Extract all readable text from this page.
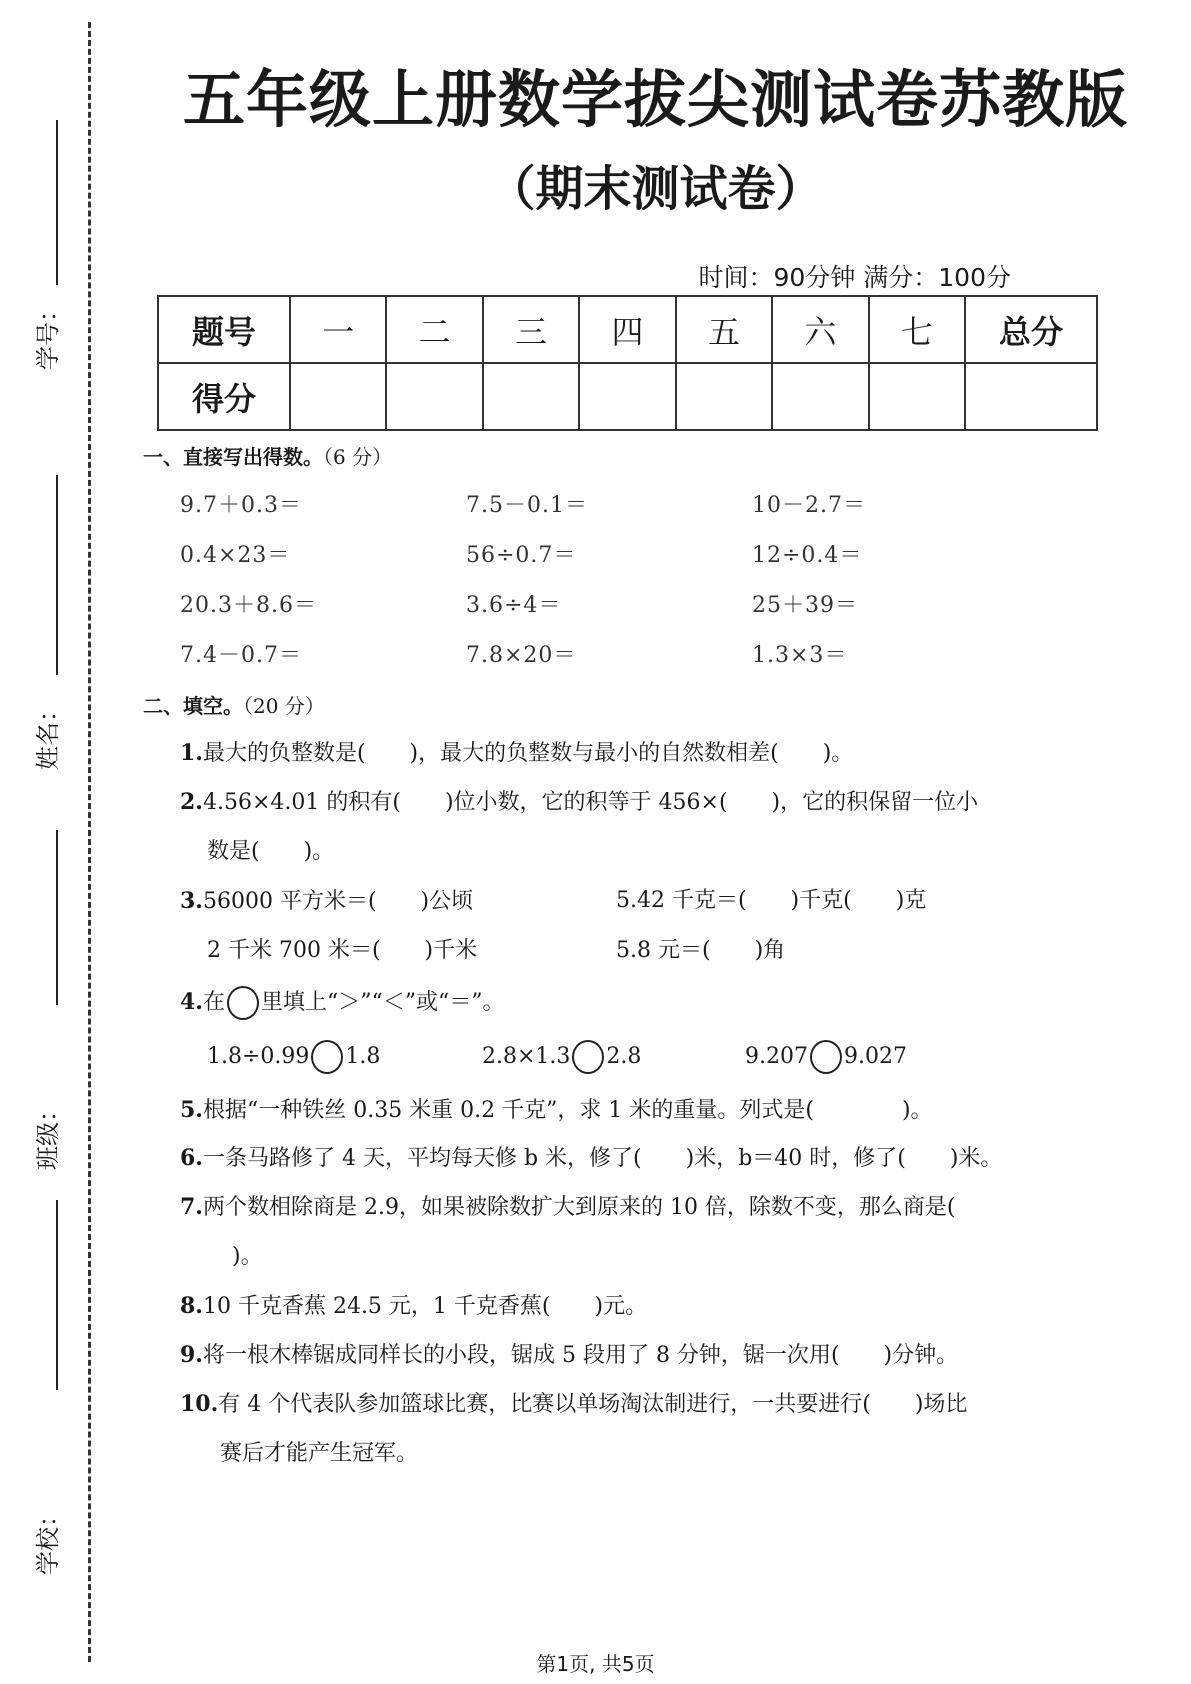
学号：
姓名：
班级：
学校：
五年级上册数学拔尖测试卷苏教版
（期末测试卷）
时间：90分钟 满分：100分
题号	一	二	三	四	五	六	七	总分
得分								
一、直接写出得数。（6 分）
9.7＋0.3＝	7.5－0.1＝	10－2.7＝
0.4×23＝	56÷0.7＝	12÷0.4＝
20.3＋8.6＝	3.6÷4＝	25＋39＝
7.4－0.7＝	7.8×20＝	1.3×3＝
二、填空。（20 分）
1.最大的负整数是(　　)，最大的负整数与最小的自然数相差(　　)。
2.4.56×4.01 的积有(　　)位小数，它的积等于 456×(　　)，它的积保留一位小
数是(　　)。
3.56000 平方米＝(　　)公顷	5.42 千克＝(　　)千克(　　)克
2 千米 700 米＝(　　)千米	5.8 元＝(　　)角
4.在 里填上“＞”“＜”或“＝”。
1.8÷0.99 1.8	2.8×1.3 2.8	9.207 9.027
5.根据“一种铁丝 0.35 米重 0.2 千克”，求 1 米的重量。列式是(　　　　)。
6.一条马路修了 4 天，平均每天修 b 米，修了(　　)米，b＝40 时，修了(　　)米。
7.两个数相除商是 2.9，如果被除数扩大到原来的 10 倍，除数不变，那么商是(
)。
8.10 千克香蕉 24.5 元，1 千克香蕉(　　)元。
9.将一根木棒锯成同样长的小段，锯成 5 段用了 8 分钟，锯一次用(　　)分钟。
10.有 4 个代表队参加篮球比赛，比赛以单场淘汰制进行，一共要进行(　　)场比
赛后才能产生冠军。
第1页, 共5页
